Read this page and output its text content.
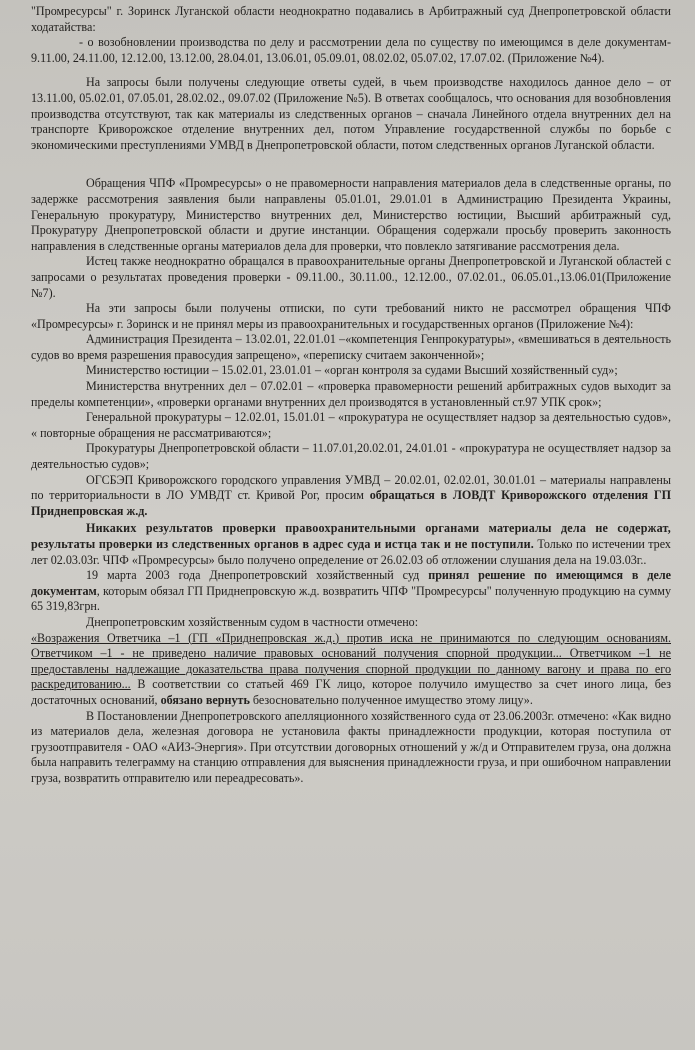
"Промресурсы" г. Зоринск Луганской области неоднократно подавались в Арбитражный суд Днепропетровской области ходатайства:

- о возобновлении производства по делу и рассмотрении дела по существу по имеющимся в деле документам- 9.11.00, 24.11.00, 12.12.00, 13.12.00, 28.04.01, 13.06.01, 05.09.01, 08.02.02, 05.07.02, 17.07.02. (Приложение №4).

На запросы были получены следующие ответы судей, в чьем производстве находилось данное дело – от 13.11.00, 05.02.01, 07.05.01, 28.02.02., 09.07.02 (Приложение №5). В ответах сообщалось, что основания для возобновления производства отсутствуют, так как материалы из следственных органов – сначала Линейного отдела внутренних дел на транспорте Криворожское отделение внутренних дел, потом Управление государственной службы по борьбе с экономическими преступлениями УМВД в Днепропетровской области, потом следственных органов Луганской области.

Обращения ЧПФ «Промресурсы» о не правомерности направления материалов дела в следственные органы, по задержке рассмотрения заявления были направлены 05.01.01, 29.01.01 в Администрацию Президента Украины, Генеральную прокуратуру, Министерство внутренних дел, Министерство юстиции, Высший арбитражный суд, Прокуратуру Днепропетровской области и другие инстанции. Обращения содержали просьбу проверить законность направления в следственные органы материалов дела для проверки, что повлекло затягивание рассмотрения дела.

Истец также неоднократно обращался в правоохранительные органы Днепропетровской и Луганской областей с запросами о результатах проведения проверки - 09.11.00., 30.11.00., 12.12.00., 07.02.01., 06.05.01.,13.06.01(Приложение №7).

На эти запросы были получены отписки, по сути требований никто не рассмотрел обращения ЧПФ «Промресурсы» г. Зоринск и не принял меры из правоохранительных и государственных органов (Приложение №4):

Администрация Президента – 13.02.01, 22.01.01 –«компетенция Генпрокуратуры», «вмешиваться в деятельность судов во время разрешения правосудия запрещено», «переписку считаем законченной»;

Министерство юстиции – 15.02.01, 23.01.01 – «орган контроля за судами Высший хозяйственный суд»;

Министерства внутренних дел – 07.02.01 – «проверка правомерности решений арбитражных судов выходит за пределы компетенции», «проверки органами внутренних дел производятся в установленный ст.97 УПК срок»;

Генеральной прокуратуры – 12.02.01, 15.01.01 – «прокуратура не осуществляет надзор за деятельностью судов», « повторные обращения не рассматриваются»;

Прокуратуры Днепропетровской области – 11.07.01,20.02.01, 24.01.01 - «прокуратура не осуществляет надзор за деятельностью судов»;

ОГСБЭП Криворожского городского управления УМВД – 20.02.01, 02.02.01, 30.01.01 – материалы направлены по территориальности в ЛО УМВДТ ст. Кривой Рог, просим обращаться в ЛОВДТ Криворожского отделения ГП Приднепровская ж.д.

Никаких результатов проверки правоохранительными органами материалы дела не содержат, результаты проверки из следственных органов в адрес суда и истца так и не поступили. Только по истечении трех лет 02.03.03г. ЧПФ «Промресурсы» было получено определение от 26.02.03 об отложении слушания дела на 19.03.03г..

19 марта 2003 года Днепропетровский хозяйственный суд принял решение по имеющимся в деле документам, которым обязал ГП Приднепровскую ж.д. возвратить ЧПФ "Промресурсы" полученную продукцию на сумму 65 319,83грн.

Днепропетровским хозяйственным судом в частности отмечено:

«Возражения Ответчика –1 (ГП «Приднепровская ж.д.) против иска не принимаются по следующим основаниям. Ответчиком –1 - не приведено наличие правовых оснований получения спорной продукции... Ответчиком –1 не предоставлены надлежащие доказательства права получения спорной продукции по данному вагону и права по его раскредитованию... В соответствии со статьей 469 ГК лицо, которое получило имущество за счет иного лица, без достаточных оснований, обязано вернуть безосновательно полученное имущество этому лицу».

В Постановлении Днепропетровского апелляционного хозяйственного суда от 23.06.2003г. отмечено: «Как видно из материалов дела, железная договора не установила факты принадлежности продукции, которая поступила от грузоотправителя - ОАО «АИЗ-Энергия». При отсутствии договорных отношений у ж/д и Отправителем груза, она должна была направить телеграмму на станцию отправления для выяснения принадлежности груза, и при ошибочном направлении груза, возвратить отправителю или переадресовать».
